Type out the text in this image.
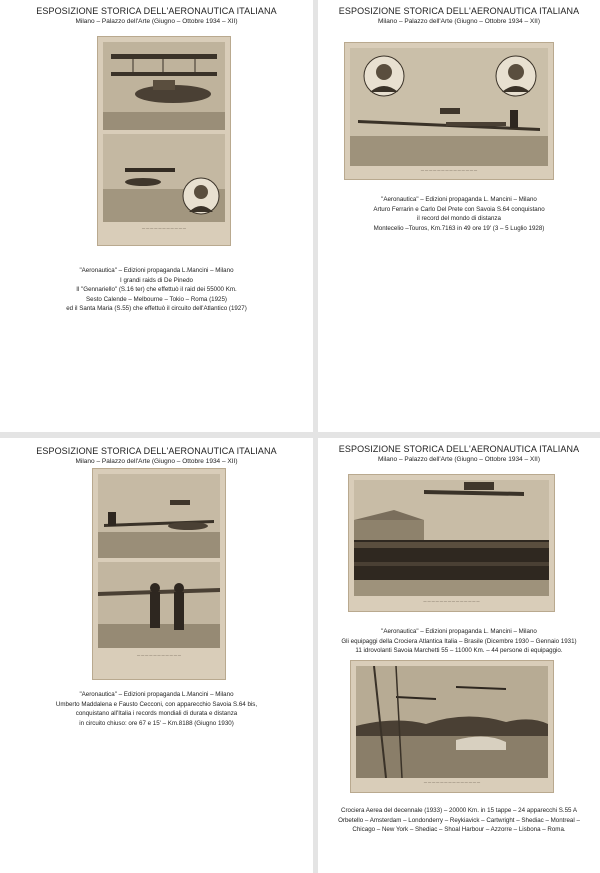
ESPOSIZIONE STORICA DELL'AERONAUTICA ITALIANA
Milano – Palazzo dell'Arte (Giugno – Ottobre 1934 – XII)
— — — — — — — — — — —
"Aeronautica" – Edizioni propaganda L.Mancini – Milano
I grandi raids di De Pinedo
Il "Gennariello" (S.16 ter) che effettuò il raid dei 55000 Km.
Sesto Calende – Melbourne – Tokio – Roma (1925)
ed il Santa Maria (S.55) che effettuò il circuito dell'Atlantico (1927)
ESPOSIZIONE STORICA DELL'AERONAUTICA ITALIANA
Milano – Palazzo dell'Arte (Giugno – Ottobre 1934 – XII)
— — — — — — — — — — — — — —
"Aeronautica" – Edizioni propaganda L. Mancini – Milano
Arturo Ferrarin e Carlo Del Prete con Savoia S.64 conquistano
il record del mondo di distanza
Montecelio –Touros, Km.7163 in 49 ore 19' (3 – 5 Luglio 1928)
ESPOSIZIONE STORICA DELL'AERONAUTICA ITALIANA
Milano – Palazzo dell'Arte (Giugno – Ottobre 1934 – XII)
— — — — — — — — — — —
"Aeronautica" – Edizioni propaganda L.Mancini – Milano
Umberto Maddalena e Fausto Cecconi, con apparecchio Savoia S.64 bis,
conquistano all'Italia i records mondiali di durata e distanza
in circuito chiuso: ore 67 e 15' – Km.8188 (Giugno 1930)
ESPOSIZIONE STORICA DELL'AERONAUTICA ITALIANA
Milano – Palazzo dell'Arte (Giugno – Ottobre 1934 – XII)
— — — — — — — — — — — — — —
"Aeronautica" – Edizioni propaganda L. Mancini – Milano
Gli equipaggi della Crociera Atlantica Italia – Brasile (Dicembre 1930 – Gennaio 1931)
11 idrovolanti Savoia Marchetti 55 – 11000 Km. – 44 persone di equipaggio.
— — — — — — — — — — — — — —
Crociera Aerea del decennale (1933) – 20000 Km. in 15 tappe – 24 apparecchi S.55 A
Orbetello – Amsterdam – Londonderry – Reykiavick – Cartwright – Shediac – Montreal –
Chicago – New York – Shediac – Shoal Harbour – Azzorre – Lisbona – Roma.
